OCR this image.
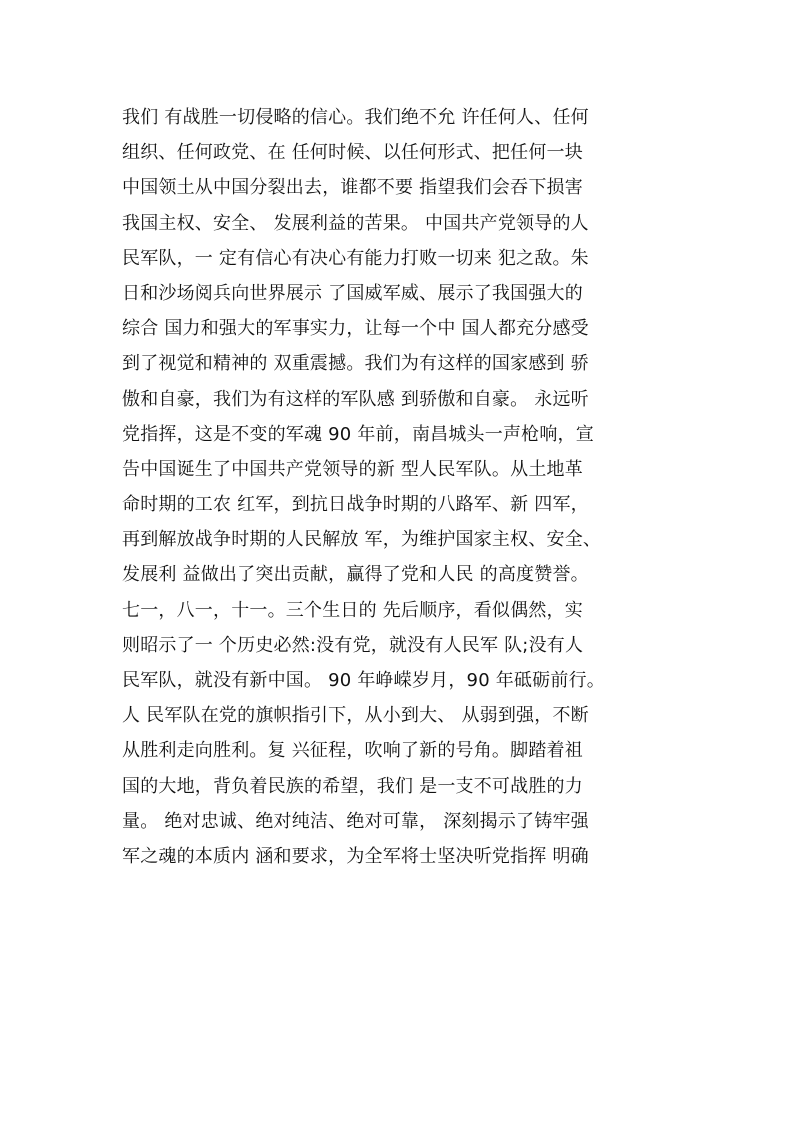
我们 有战胜一切侵略的信心。我们绝不允 许任何人、任何
组织、任何政党、在 任何时候、以任何形式、把任何一块
中国领土从中国分裂出去，谁都不要 指望我们会吞下损害
我国主权、安全、 发展利益的苦果。 中国共产党领导的人
民军队，一 定有信心有决心有能力打败一切来 犯之敌。朱
日和沙场阅兵向世界展示 了国威军威、展示了我国强大的
综合 国力和强大的军事实力，让每一个中 国人都充分感受
到了视觉和精神的 双重震撼。我们为有这样的国家感到 骄
傲和自豪，我们为有这样的军队感 到骄傲和自豪。 永远听
党指挥，这是不变的军魂 90 年前，南昌城头一声枪响，宣
告中国诞生了中国共产党领导的新 型人民军队。从土地革
命时期的工农 红军，到抗日战争时期的八路军、新 四军，
再到解放战争时期的人民解放 军，为维护国家主权、安全、
发展利 益做出了突出贡献，赢得了党和人民 的高度赞誉。
七一，八一，十一。三个生日的 先后顺序，看似偶然，实
则昭示了一 个历史必然:没有党，就没有人民军 队;没有人
民军队，就没有新中国。 90 年峥嵘岁月，90 年砥砺前行。
人 民军队在党的旗帜指引下，从小到大、 从弱到强，不断
从胜利走向胜利。复 兴征程，吹响了新的号角。脚踏着祖
国的大地，背负着民族的希望，我们 是一支不可战胜的力
量。 绝对忠诚、绝对纯洁、绝对可靠， 深刻揭示了铸牢强
军之魂的本质内 涵和要求，为全军将士坚决听党指挥 明确
